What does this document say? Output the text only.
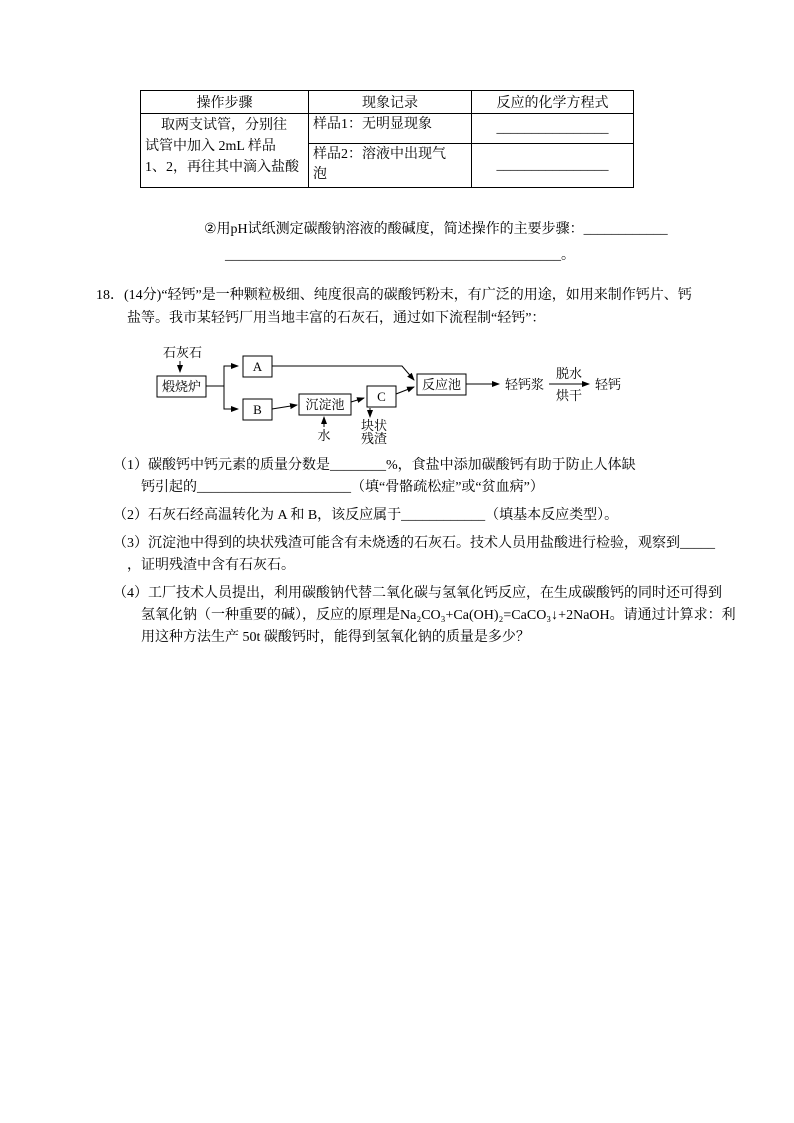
操作步骤	现象记录	反应的化学方程式

取两支试管，分别往
试管中加入 2mL 样品
1、2，再往其中滴入盐酸	样品1：无明显现象	________________

	样品2：溶液中出现气
泡	________________
②用pH试纸测定碳酸钠溶液的酸碱度，简述操作的主要步骤：____________
________________________________________________。
18．(14分)“轻钙”是一种颗粒极细、纯度很高的碳酸钙粉末，有广泛的用途，如用来制作钙片、钙
盐等。我市某轻钙厂用当地丰富的石灰石，通过如下流程制“轻钙”：
石灰石
煅烧炉
A
B	沉淀池
水
C
块状
残渣
反应池	轻钙浆
脱水
烘干
轻钙
（1）碳酸钙中钙元素的质量分数是________%，食盐中添加碳酸钙有助于防止人体缺
钙引起的______________________（填“骨骼疏松症”或“贫血病”）
（2）石灰石经高温转化为 A 和 B，该反应属于____________（填基本反应类型）。
（3）沉淀池中得到的块状残渣可能含有未烧透的石灰石。技术人员用盐酸进行检验，观察到_____
，证明残渣中含有石灰石。
（4）工厂技术人员提出，利用碳酸钠代替二氧化碳与氢氧化钙反应，在生成碳酸钙的同时还可得到
氢氧化钠（一种重要的碱），反应的原理是Na₂CO₃+Ca(OH)₂=CaCO₃↓+2NaOH。请通过计算求：利
用这种方法生产 50t 碳酸钙时，能得到氢氧化钠的质量是多少？
